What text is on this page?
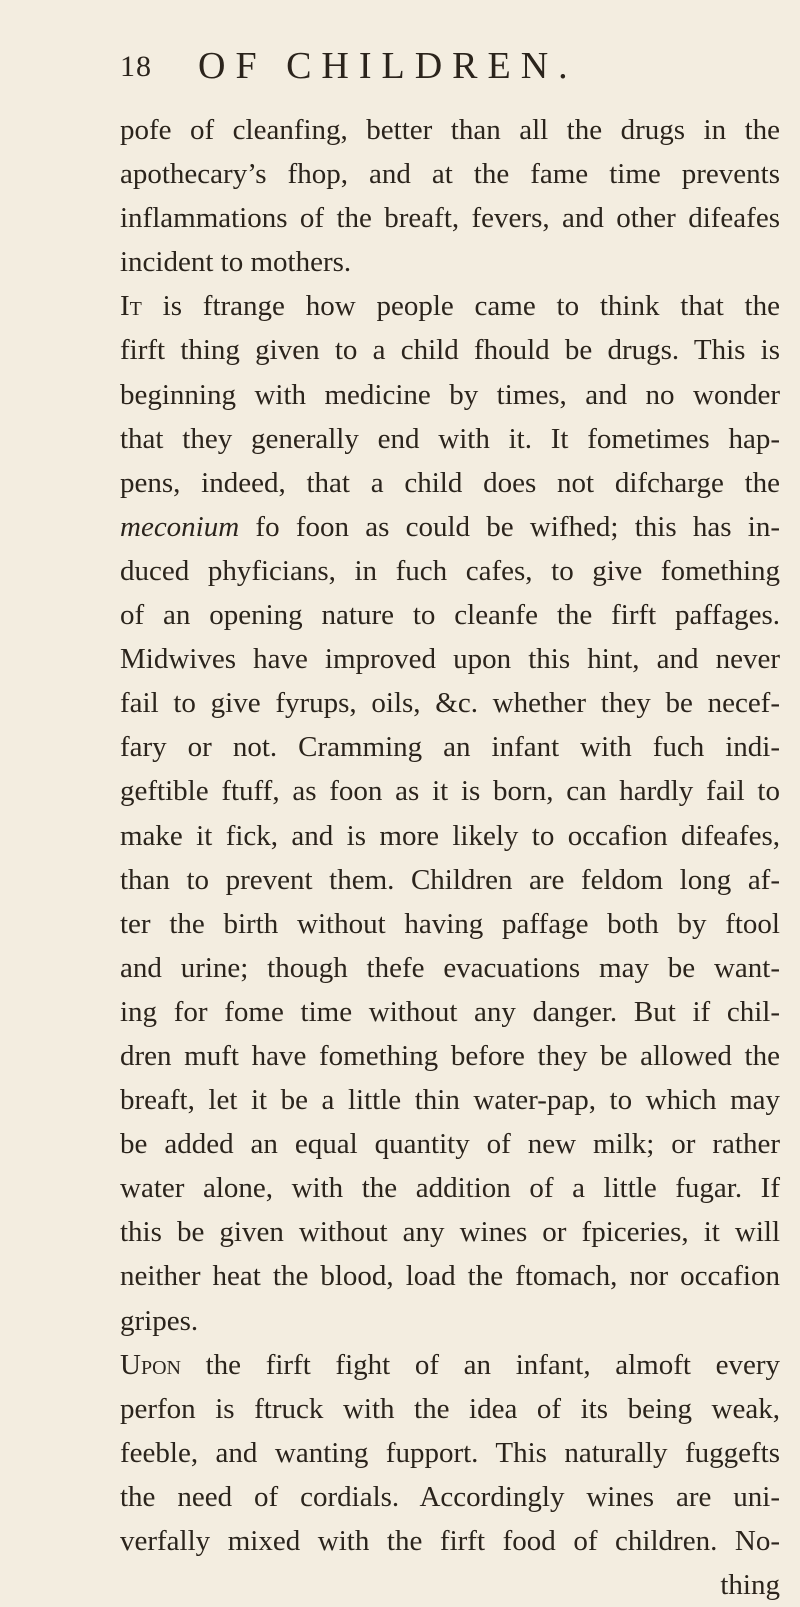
18 OF CHILDREN.
pofe of cleanfing, better than all the drugs in the
apothecary’s fhop, and at the fame time prevents
inflammations of the breaft, fevers, and other difeafes
incident to mothers.
It is ftrange how people came to think that the
firft thing given to a child fhould be drugs. This is
beginning with medicine by times, and no wonder
that they generally end with it. It fometimes hap-
pens, indeed, that a child does not difcharge the
meconium fo foon as could be wifhed; this has in-
duced phyficians, in fuch cafes, to give fomething
of an opening nature to cleanfe the firft paffages.
Midwives have improved upon this hint, and never
fail to give fyrups, oils, &c. whether they be necef-
fary or not. Cramming an infant with fuch indi-
geftible ftuff, as foon as it is born, can hardly fail to
make it fick, and is more likely to occafion difeafes,
than to prevent them. Children are feldom long af-
ter the birth without having paffage both by ftool
and urine; though thefe evacuations may be want-
ing for fome time without any danger. But if chil-
dren muft have fomething before they be allowed the
breaft, let it be a little thin water-pap, to which may
be added an equal quantity of new milk; or rather
water alone, with the addition of a little fugar. If
this be given without any wines or fpiceries, it will
neither heat the blood, load the ftomach, nor occafion
gripes.
Upon the firft fight of an infant, almoft every
perfon is ftruck with the idea of its being weak,
feeble, and wanting fupport. This naturally fuggefts
the need of cordials. Accordingly wines are uni-
verfally mixed with the firft food of children. No-
thing
